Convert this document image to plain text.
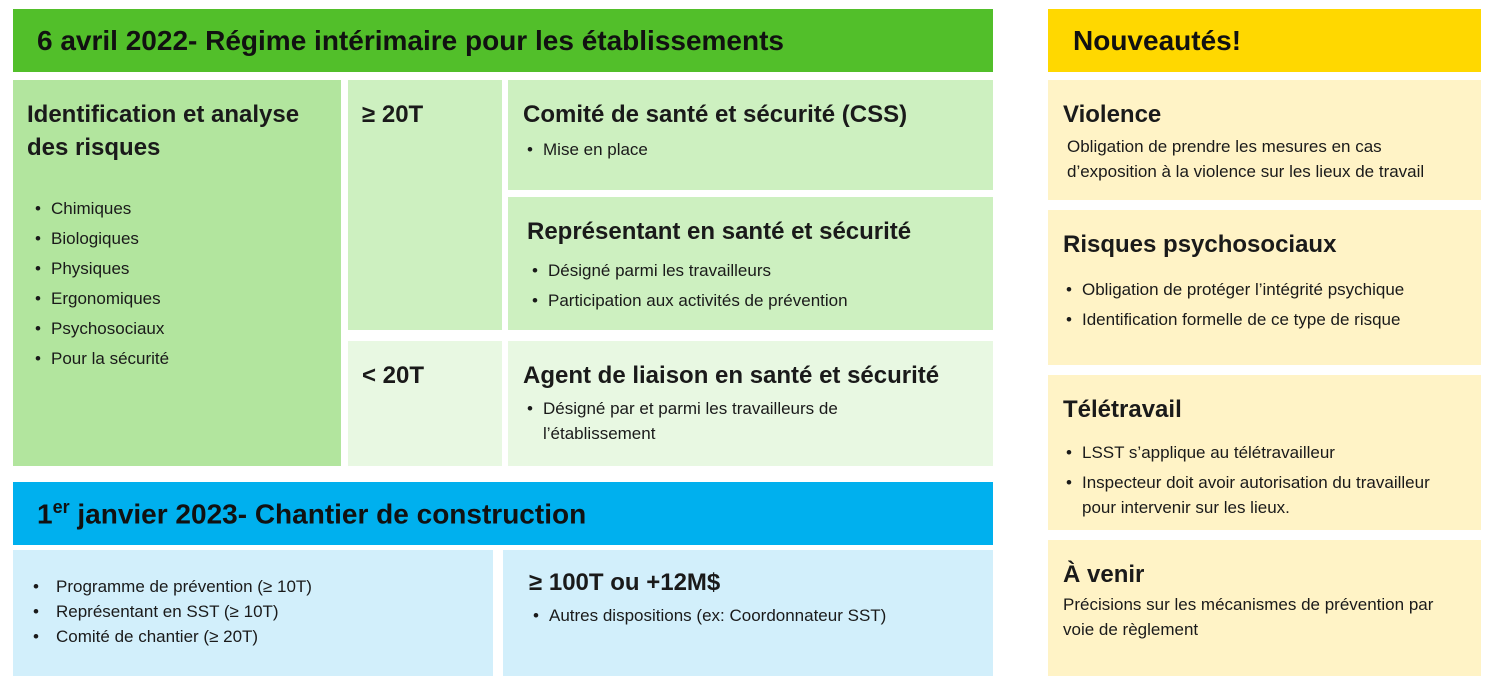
6 avril 2022- Régime intérimaire pour les établissements

Identification et analyse des risques

• Chimiques
• Biologiques
• Physiques
• Ergonomiques
• Psychosociaux
• Pour la sécurité

≥ 20T	Comité de santé et sécurité (CSS)

• Mise en place

Représentant en santé et sécurité

• Désigné parmi les travailleurs
• Participation aux activités de prévention

< 20T	Agent de liaison en santé et sécurité

• Désigné par et parmi les travailleurs de l’établissement
1er janvier 2023- Chantier de construction
• Programme de prévention (≥ 10T)
• Représentant en SST (≥ 10T)
• Comité de chantier (≥ 20T)

≥ 100T ou +12M$

• Autres dispositions (ex: Coordonnateur SST)
Nouveautés!

Violence

Obligation de prendre les mesures en cas d’exposition à la violence sur les lieux de travail

Risques psychosociaux

• Obligation de protéger l’intégrité psychique
• Identification formelle de ce type de risque

Télétravail

• LSST s’applique au télétravailleur
• Inspecteur doit avoir autorisation du travailleur pour intervenir sur les lieux.

À venir

Précisions sur les mécanismes de prévention par voie de règlement
